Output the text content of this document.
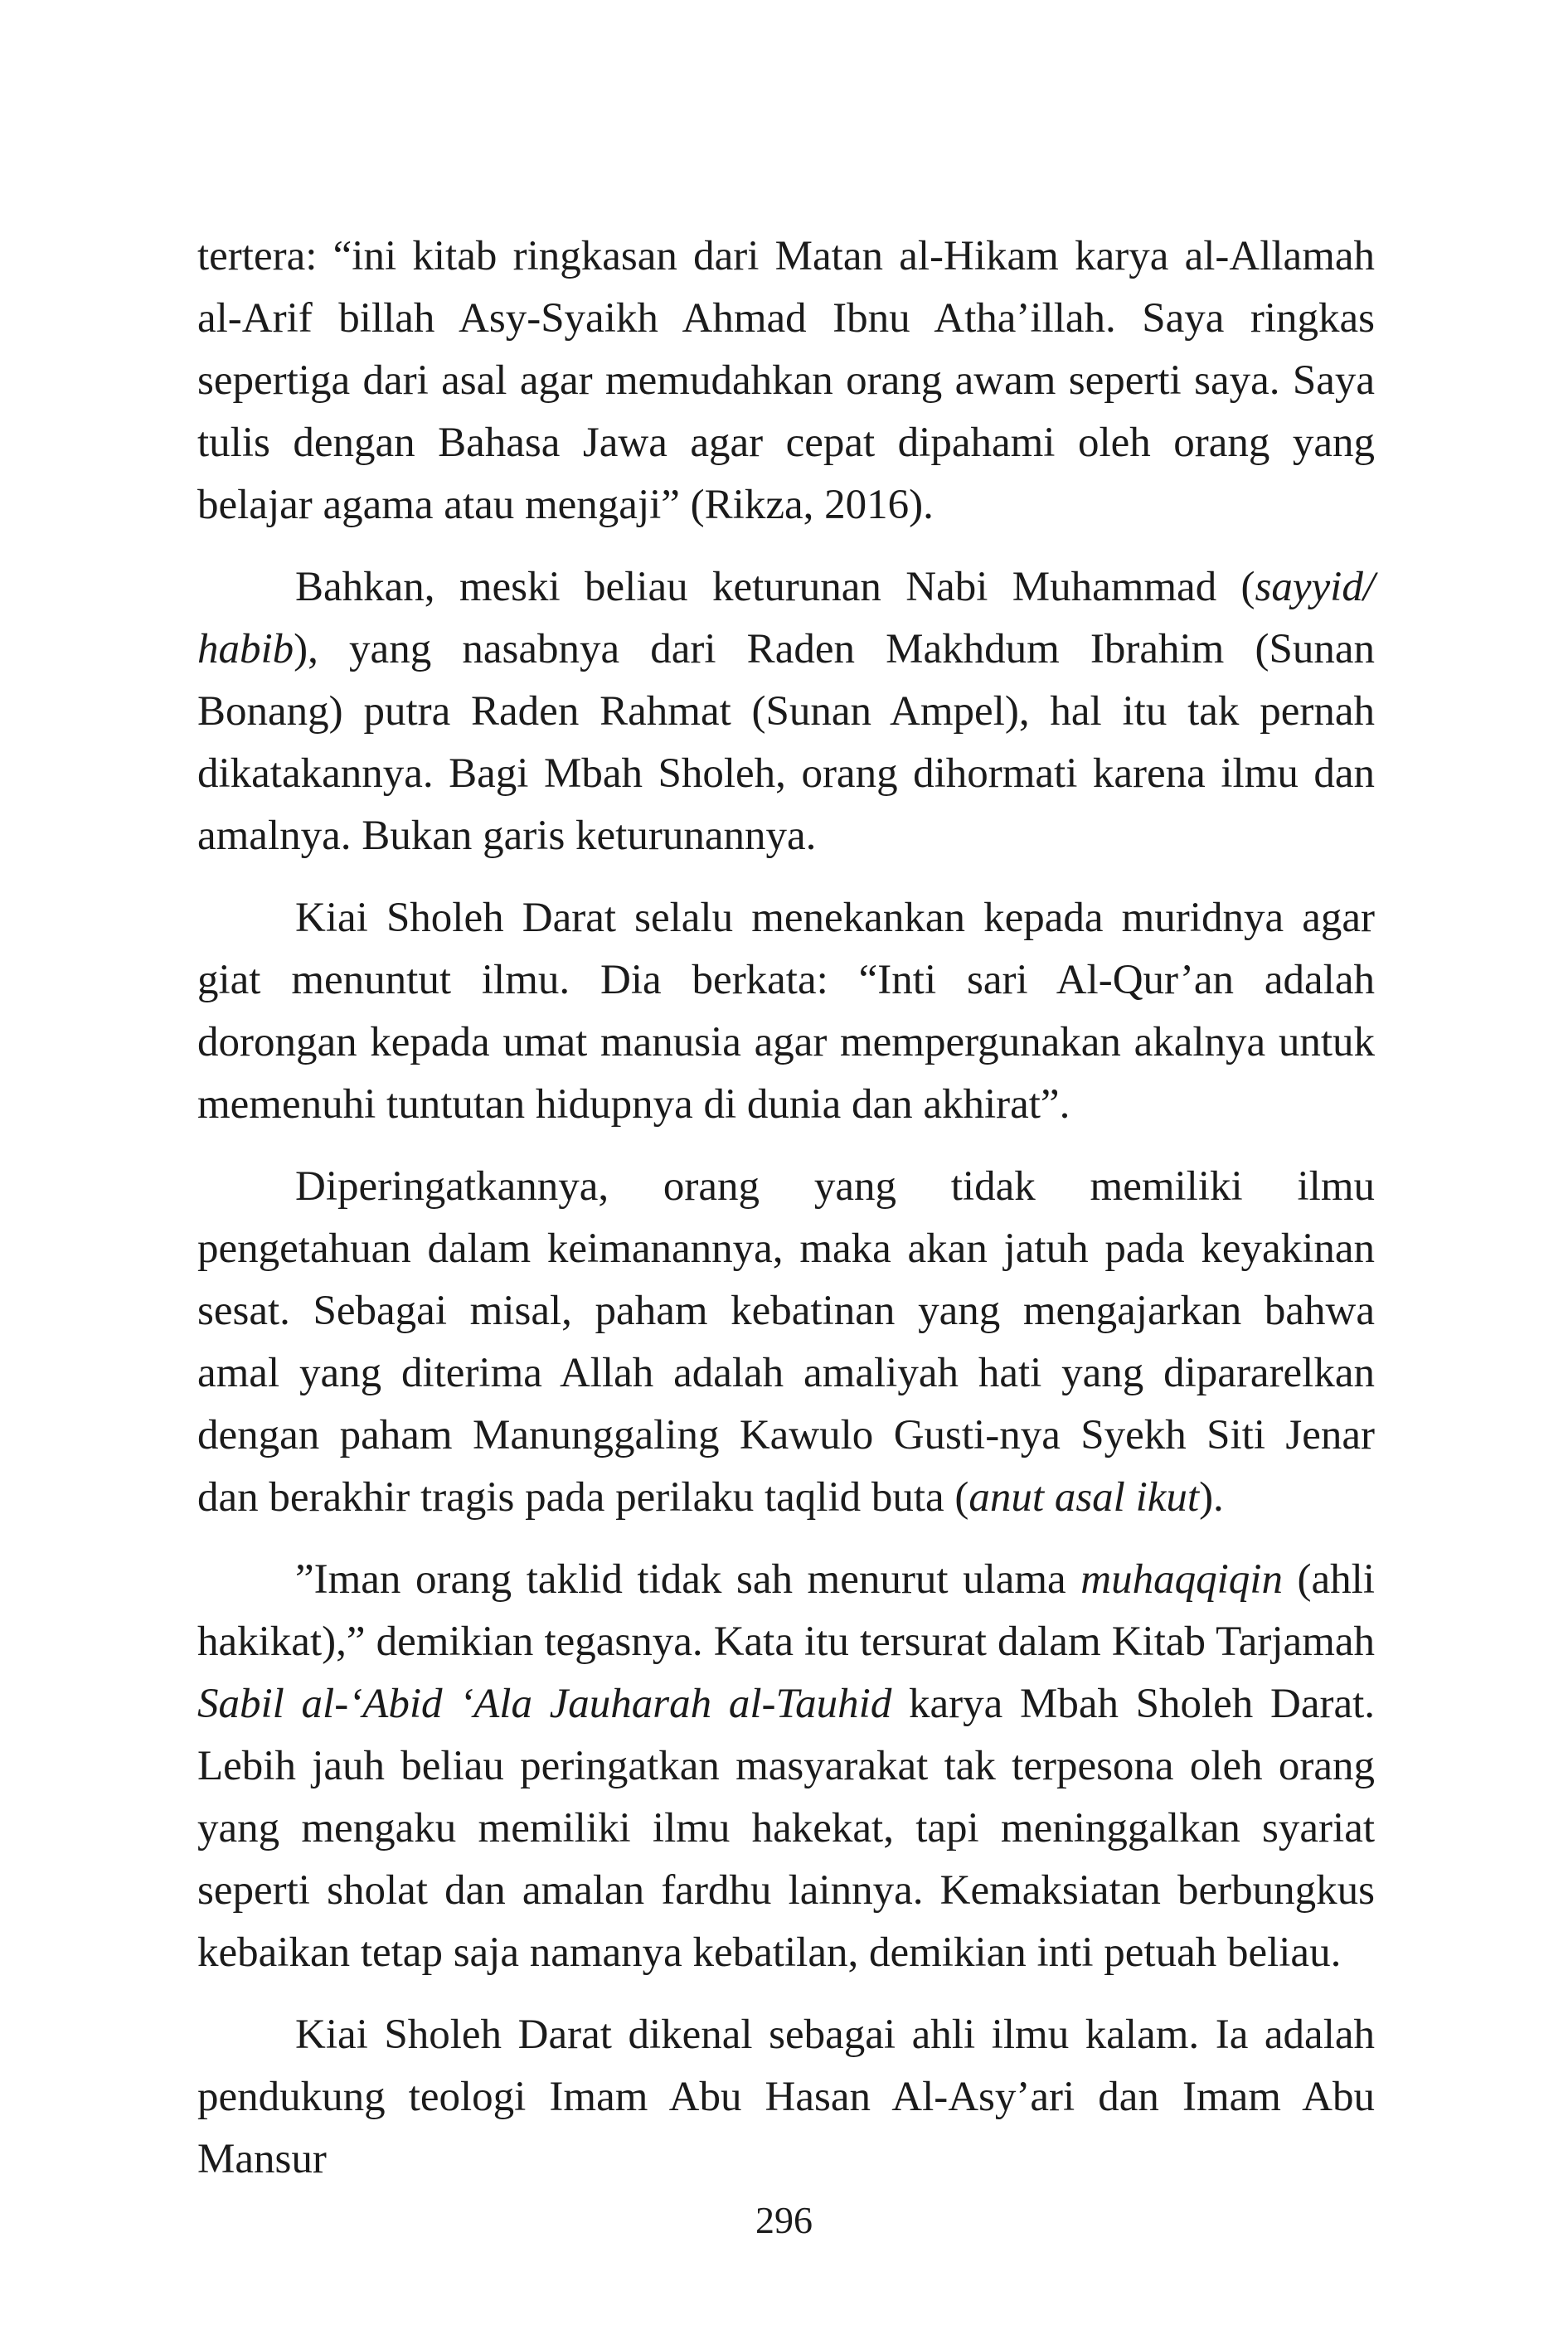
tertera: “ini kitab ringkasan dari Matan al-Hikam karya al-Allamah al-Arif billah Asy-Syaikh Ahmad Ibnu Atha’illah. Saya ringkas sepertiga dari asal agar memudahkan orang awam seperti saya. Saya tulis dengan Bahasa Jawa agar cepat dipahami oleh orang yang belajar agama atau mengaji” (Rikza, 2016).

Bahkan, meski beliau keturunan Nabi Muhammad (sayyid/ habib), yang nasabnya dari Raden Makhdum Ibrahim (Sunan Bonang) putra Raden Rahmat (Sunan Ampel), hal itu tak pernah dikatakannya. Bagi Mbah Sholeh, orang dihormati karena ilmu dan amalnya. Bukan garis keturunannya.

Kiai Sholeh Darat selalu menekankan kepada muridnya agar giat menuntut ilmu. Dia berkata: “Inti sari Al-Qur’an adalah dorongan kepada umat manusia agar mempergunakan akalnya untuk memenuhi tuntutan hidupnya di dunia dan akhirat”.

Diperingatkannya, orang yang tidak memiliki ilmu pengetahuan dalam keimanannya, maka akan jatuh pada keyakinan sesat. Sebagai misal, paham kebatinan yang mengajarkan bahwa amal yang diterima Allah adalah amaliyah hati yang dipararelkan dengan paham Manunggaling Kawulo Gusti-nya Syekh Siti Jenar dan berakhir tragis pada perilaku taqlid buta (anut asal ikut).

”Iman orang taklid tidak sah menurut ulama muhaqqiqin (ahli hakikat),” demikian tegasnya. Kata itu tersurat dalam Kitab Tarjamah Sabil al-‘Abid ‘Ala Jauharah al-Tauhid karya Mbah Sholeh Darat. Lebih jauh beliau peringatkan masyarakat tak terpesona oleh orang yang mengaku memiliki ilmu hakekat, tapi meninggalkan syariat seperti sholat dan amalan fardhu lainnya. Kemaksiatan berbungkus kebaikan tetap saja namanya kebatilan, demikian inti petuah beliau.

Kiai Sholeh Darat dikenal sebagai ahli ilmu kalam. Ia adalah pendukung teologi Imam Abu Hasan Al-Asy’ari dan Imam Abu Mansur

296
